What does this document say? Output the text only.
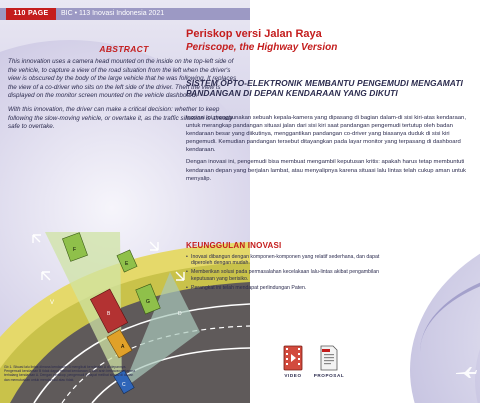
110 PAGE	BIC • 113 Inovasi Indonesia 2021
ABSTRACT

This innovation uses a camera head mounted on the inside on the top-left side of the vehicle, to capture a view of the road situation from the left when the driver's view is obscured by the body of the large vehicle that he was following. It replaces the view of a co-driver who sits on the left side of the driver. Then the view is displayed on the monitor screen mounted on the vehicle dashboard.

With this innovation, the driver can make a critical decision: whether to keep following the slow-moving vehicle, or overtake it, as the traffic situation is already safe to overtake.

V
A
B
C
D
E
F
G
Gb 1. Situasi lalu lintas dimana kendaraan B mengikuti kendaraan A di depannya. Pengemudi kendaraan B tidak dapat melihat kendaraan C dari arah berlawanan karena terhalang kendaraan A. Dengan periskop, pengemudi B dapat melihat situasi di depan dan memutuskan untuk mendahului atau tidak.
Periskop versi Jalan Raya
Periscope, the Highway Version
SISTEM OPTO-ELEKTRONIK MEMBANTU PENGEMUDI MENGAMATI PANDANGAN DI DEPAN KENDARAAN YANG DIKUTI

Inovasi ini menggunakan sebuah kepala-kamera yang dipasang di bagian dalam-di sisi kiri-atas kendaraan, untuk merangkap pandangan situasi jalan dari sisi kiri saat pandangan pengemudi tertutup oleh badan kendaraan besar yang diikutinya, menggantikan pandangan co-driver yang biasanya duduk di sisi kiri pengemudi. Kemudian pandangan tersebut ditayangkan pada layar monitor yang terpasang di dashboard kendaraan.

Dengan inovasi ini, pengemudi bisa membuat mengambil keputusan kritis: apakah harus tetap membuntuti kendaraan depan yang berjalan lambat, atau menyalipnya karena situasi lalu lintas telah cukup aman untuk menyalip.

KEUNGGULAN INOVASI
• Inovasi dibangun dengan komponen-komponen yang relatif sederhana, dan dapat diperoleh dengan mudah.
• Memberikan solusi pada permasalahan kecelakaan lalu-lintas akibat pengambilan keputusan yang berisiko.
• Perangkat ini telah mendapat perlindungan Paten.
VIDEO	PROPOSAL
